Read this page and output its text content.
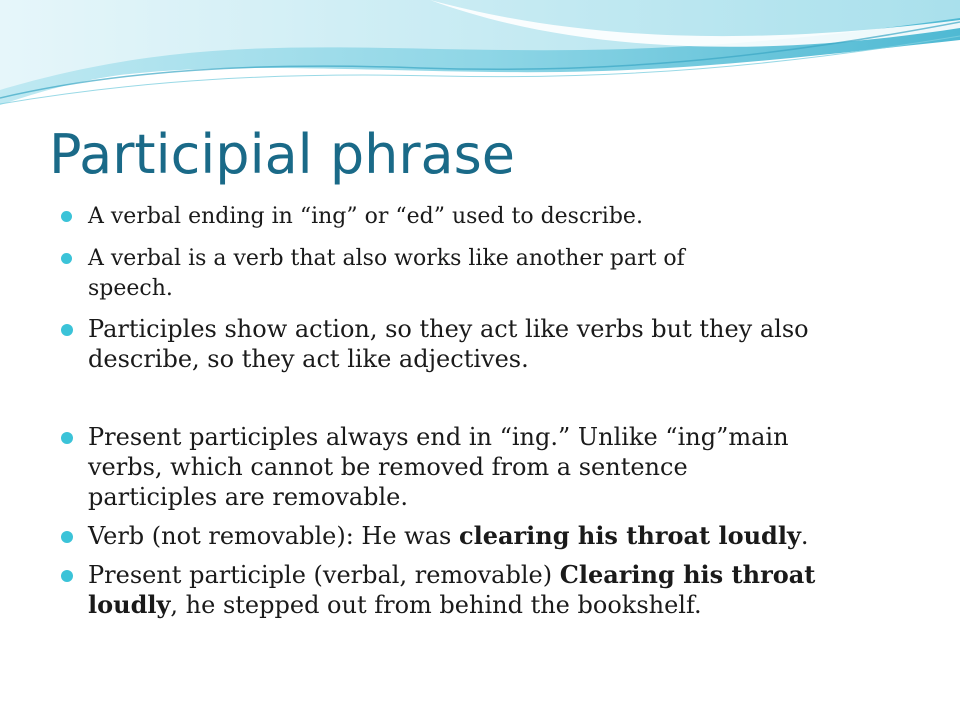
Participial phrase
A verbal ending in “ing” or “ed” used to describe.
A verbal is a verb that also works like another part of
speech.
Participles show action, so they act like verbs but they also
describe, so they act like adjectives.
Present participles always end in “ing.” Unlike “ing”main
verbs, which cannot be removed from a sentence
participles are removable.
Verb (not removable): He was clearing his throat loudly.
Present participle (verbal, removable) Clearing his throat
loudly, he stepped out from behind the bookshelf.
